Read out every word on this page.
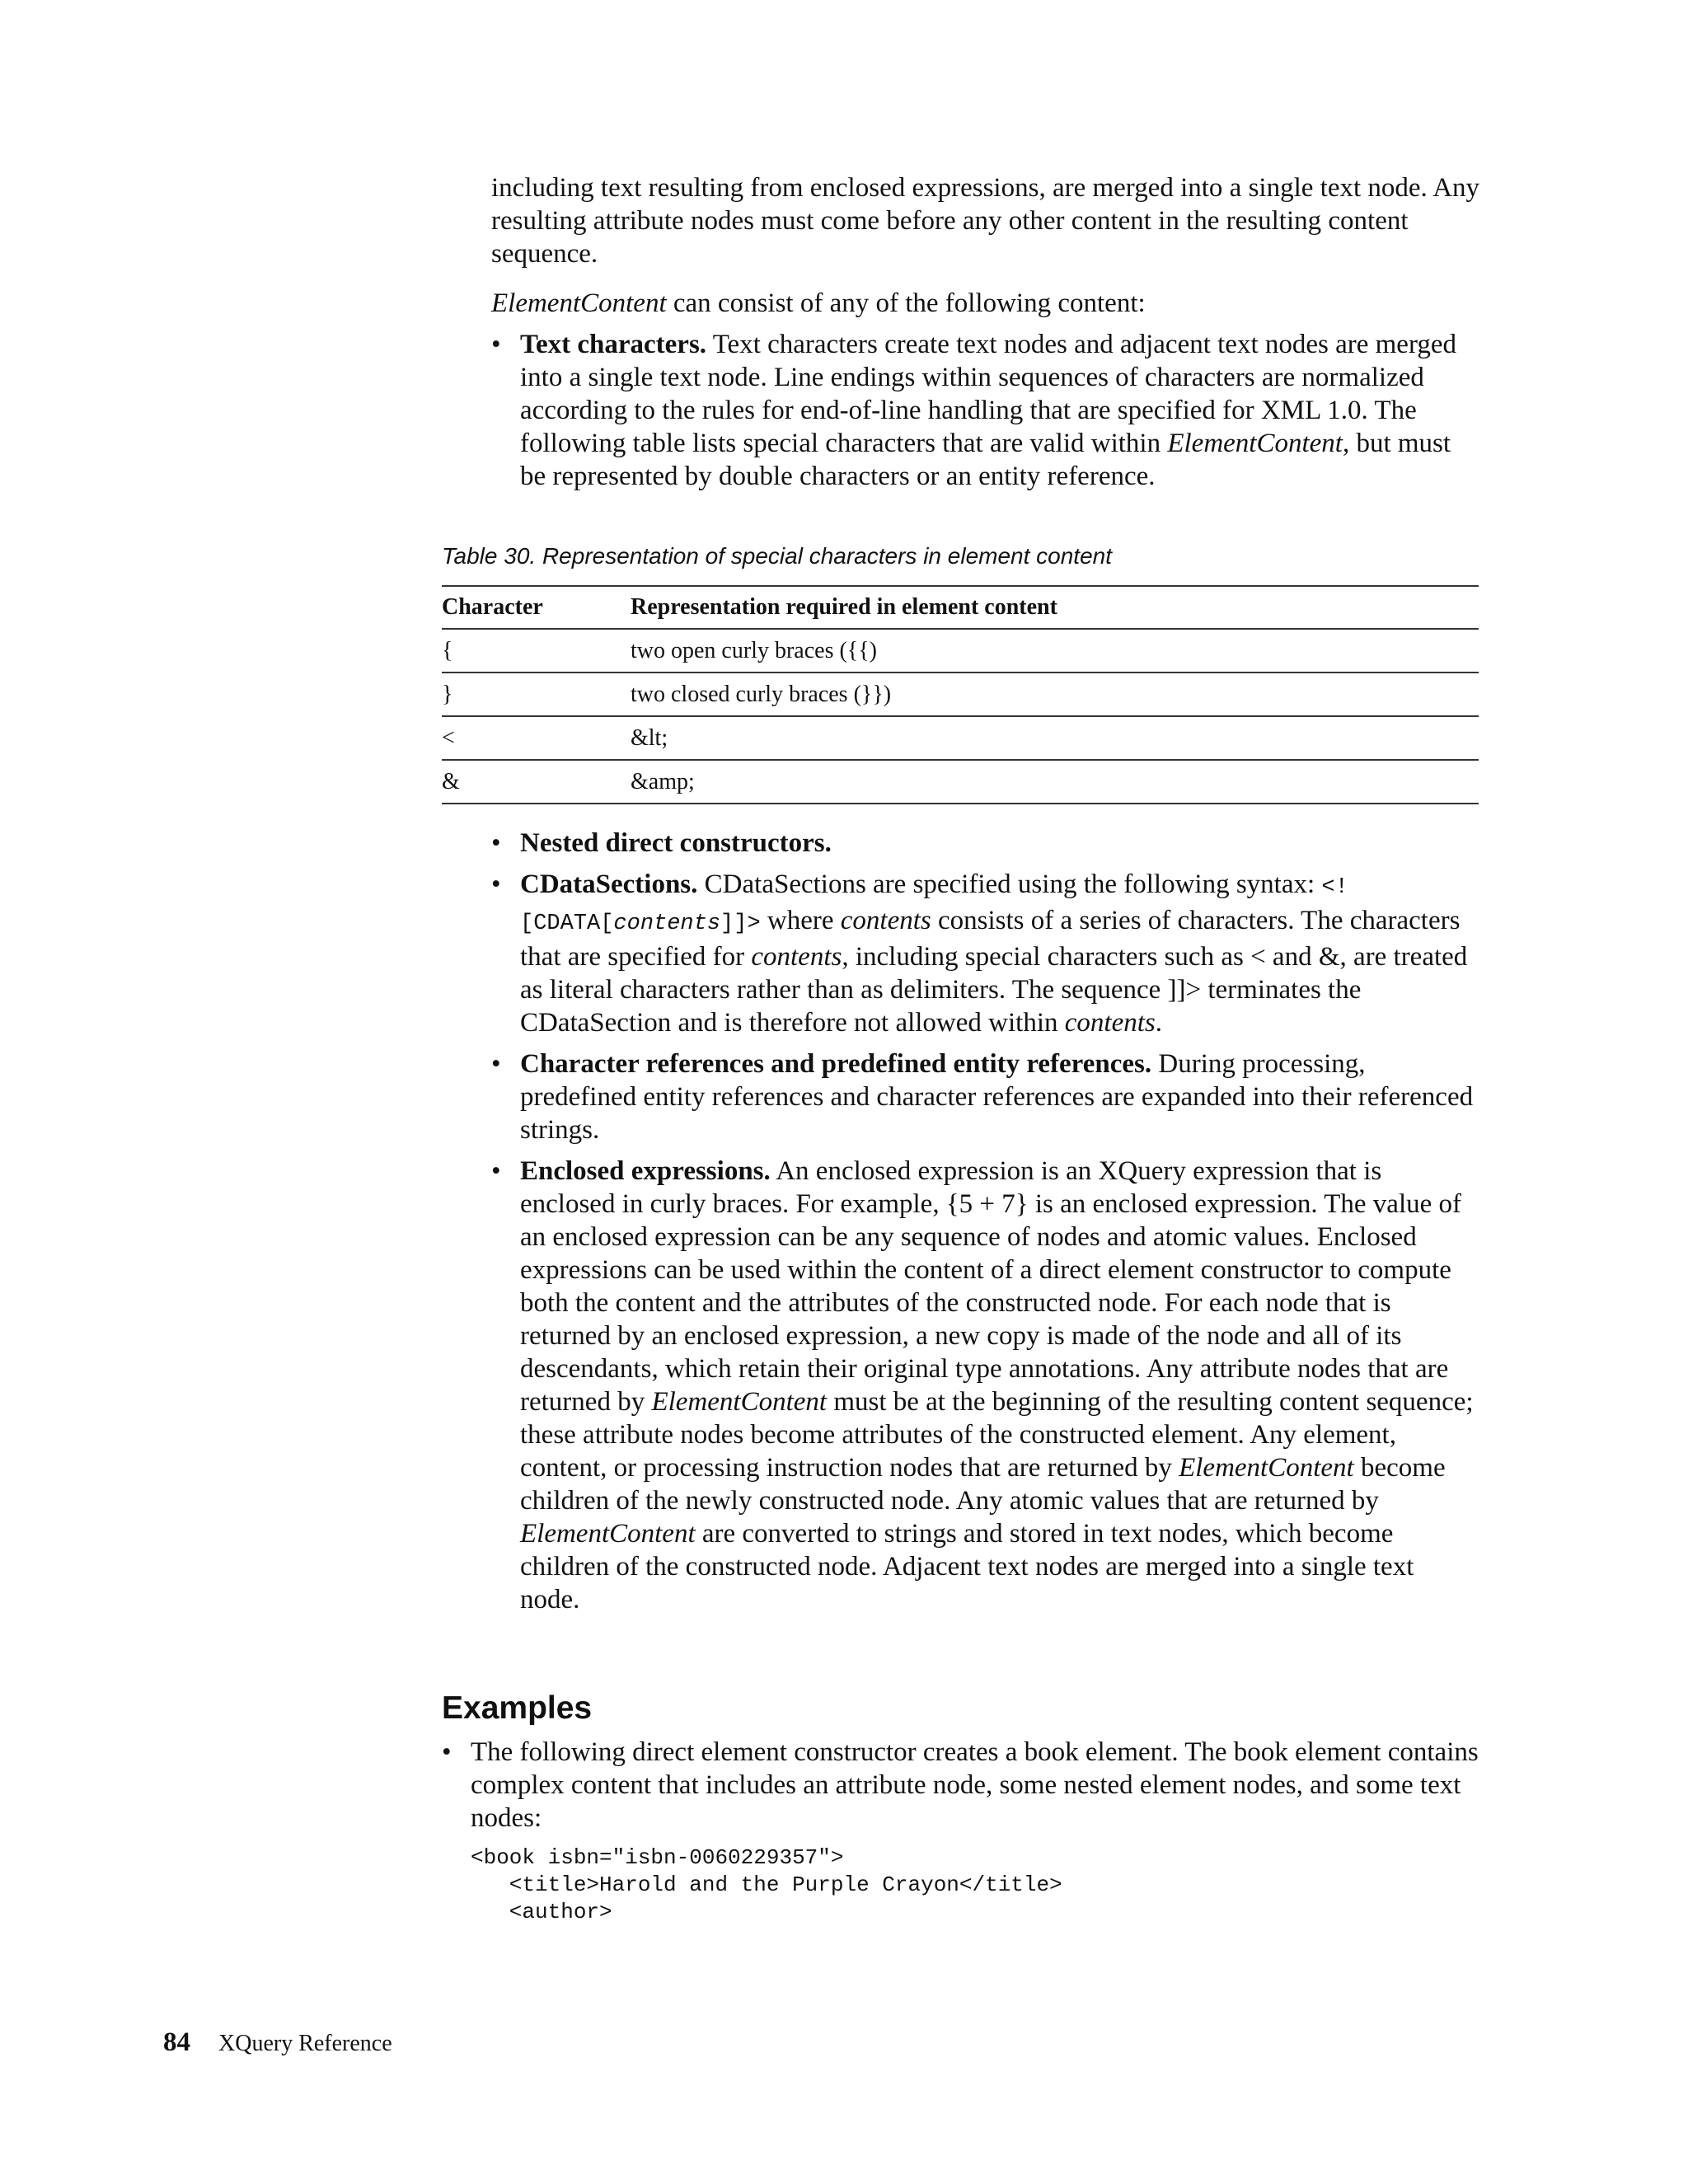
including text resulting from enclosed expressions, are merged into a single text node. Any resulting attribute nodes must come before any other content in the resulting content sequence.

ElementContent can consist of any of the following content:

• Text characters. Text characters create text nodes and adjacent text nodes are merged into a single text node. Line endings within sequences of characters are normalized according to the rules for end-of-line handling that are specified for XML 1.0. The following table lists special characters that are valid within ElementContent, but must be represented by double characters or an entity reference.

Table 30. Representation of special characters in element content

Character	Representation required in element content
{	two open curly braces ({{)
}	two closed curly braces (}})
<	&lt;
&	&amp;
• Nested direct constructors.
• CDataSections. CDataSections are specified using the following syntax: <![CDATA[contents]]> where contents consists of a series of characters. The characters that are specified for contents, including special characters such as < and &, are treated as literal characters rather than as delimiters. The sequence ]]> terminates the CDataSection and is therefore not allowed within contents.
• Character references and predefined entity references. During processing, predefined entity references and character references are expanded into their referenced strings.
• Enclosed expressions. An enclosed expression is an XQuery expression that is enclosed in curly braces. For example, {5 + 7} is an enclosed expression. The value of an enclosed expression can be any sequence of nodes and atomic values. Enclosed expressions can be used within the content of a direct element constructor to compute both the content and the attributes of the constructed node. For each node that is returned by an enclosed expression, a new copy is made of the node and all of its descendants, which retain their original type annotations. Any attribute nodes that are returned by ElementContent must be at the beginning of the resulting content sequence; these attribute nodes become attributes of the constructed element. Any element, content, or processing instruction nodes that are returned by ElementContent become children of the newly constructed node. Any atomic values that are returned by ElementContent are converted to strings and stored in text nodes, which become children of the constructed node. Adjacent text nodes are merged into a single text node.
Examples
• The following direct element constructor creates a book element. The book element contains complex content that includes an attribute node, some nested element nodes, and some text nodes:
<book isbn="isbn-0060229357">
<title>Harold and the Purple Crayon</title>
<author>
84 XQuery Reference
